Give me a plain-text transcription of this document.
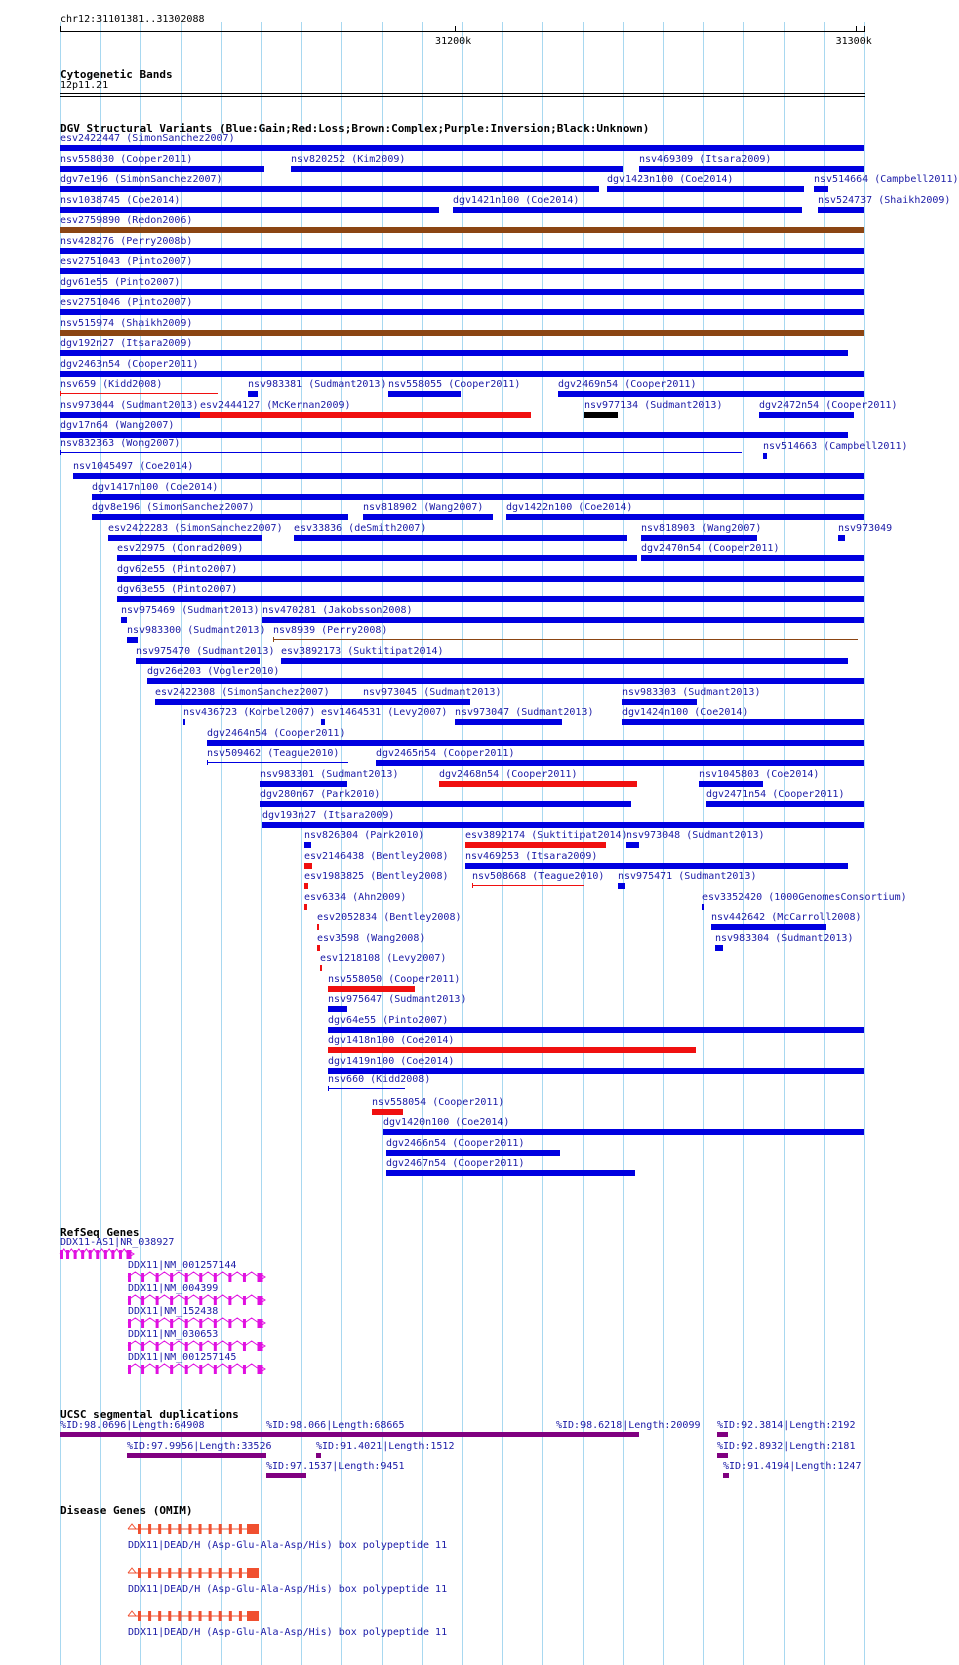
chr12:31101381..31302088
31200k	31300k
Cytogenetic Bands
12p11.21
DGV Structural Variants (Blue:Gain;Red:Loss;Brown:Complex;Purple:Inversion;Black:Unknown)
esv2422447 (SimonSanchez2007)
nsv558030 (Cooper2011)	nsv820252 (Kim2009)	nsv469309 (Itsara2009)
dgv7e196 (SimonSanchez2007)	dgv1423n100 (Coe2014)	nsv514664 (Campbell2011)
nsv1038745 (Coe2014)	dgv1421n100 (Coe2014)	nsv524737 (Shaikh2009)
esv2759890 (Redon2006)
nsv428276 (Perry2008b)
esv2751043 (Pinto2007)
dgv61e55 (Pinto2007)
esv2751046 (Pinto2007)
nsv515974 (Shaikh2009)
dgv192n27 (Itsara2009)
dgv2463n54 (Cooper2011)
nsv659 (Kidd2008)	nsv983381 (Sudmant2013) nsv558055 (Cooper2011)	dgv2469n54 (Cooper2011)
nsv973044 (Sudmant2013) esv2444127 (McKernan2009)	nsv977134 (Sudmant2013)	dgv2472n54 (Cooper2011)
dgv17n64 (Wang2007)
nsv832363 (Wong2007)	nsv514663 (Campbell2011)
nsv1045497 (Coe2014)
dgv1417n100 (Coe2014)
dgv8e196 (SimonSanchez2007)	nsv818902 (Wang2007) dgv1422n100 (Coe2014)
esv2422283 (SimonSanchez2007) esv33836 (deSmith2007)	nsv818903 (Wang2007)	nsv973049
esv22975 (Conrad2009)	dgv2470n54 (Cooper2011)
dgv62e55 (Pinto2007)
dgv63e55 (Pinto2007)
nsv975469 (Sudmant2013) nsv470281 (Jakobsson2008)
nsv983300 (Sudmant2013) nsv8939 (Perry2008)
nsv975470 (Sudmant2013) esv3892173 (Suktitipat2014)
dgv26e203 (Vogler2010)
esv2422308 (SimonSanchez2007)	nsv973045 (Sudmant2013)	nsv983303 (Sudmant2013)
nsv436723 (Korbel2007) esv1464531 (Levy2007) nsv973047 (Sudmant2013)	dgv1424n100 (Coe2014)
dgv2464n54 (Cooper2011)
nsv509462 (Teague2010)	dgv2465n54 (Cooper2011)
nsv983301 (Sudmant2013)	dgv2468n54 (Cooper2011)	nsv1045803 (Coe2014)
dgv280n67 (Park2010)	dgv2471n54 (Cooper2011)
dgv193n27 (Itsara2009)
nsv826304 (Park2010)	esv3892174 (Suktitipat2014)
nsv973048 (Sudmant2013)
esv2146438 (Bentley2008) nsv469253 (Itsara2009)
esv1983825 (Bentley2008) nsv508668 (Teague2010) nsv975471 (Sudmant2013)
esv6334 (Ahn2009)	esv3352420 (1000GenomesConsortium)
esv2052834 (Bentley2008)	nsv442642 (McCarroll2008)
esv3598 (Wang2008)	nsv983304 (Sudmant2013)
esv1218108 (Levy2007)
nsv558050 (Cooper2011)
nsv975647 (Sudmant2013)
dgv64e55 (Pinto2007)
dgv1418n100 (Coe2014)
dgv1419n100 (Coe2014)
nsv660 (Kidd2008)
nsv558054 (Cooper2011)
dgv1420n100 (Coe2014)
dgv2466n54 (Cooper2011)
dgv2467n54 (Cooper2011)
RefSeq Genes
DDX11-AS1|NR_038927
DDX11|NM_001257144
DDX11|NM_004399
DDX11|NM_152438
DDX11|NM_030653
DDX11|NM_001257145
UCSC segmental duplications
%ID:98.0696|Length:64908	%ID:98.066|Length:68665	%ID:98.6218|Length:20099 %ID:92.3814|Length:2192
%ID:97.9956|Length:33526	%ID:91.4021|Length:1512	%ID:92.8932|Length:2181
%ID:97.1537|Length:9451	%ID:91.4194|Length:1247
Disease Genes (OMIM)
DDX11|DEAD/H (Asp-Glu-Ala-Asp/His) box polypeptide 11
DDX11|DEAD/H (Asp-Glu-Ala-Asp/His) box polypeptide 11
DDX11|DEAD/H (Asp-Glu-Ala-Asp/His) box polypeptide 11
